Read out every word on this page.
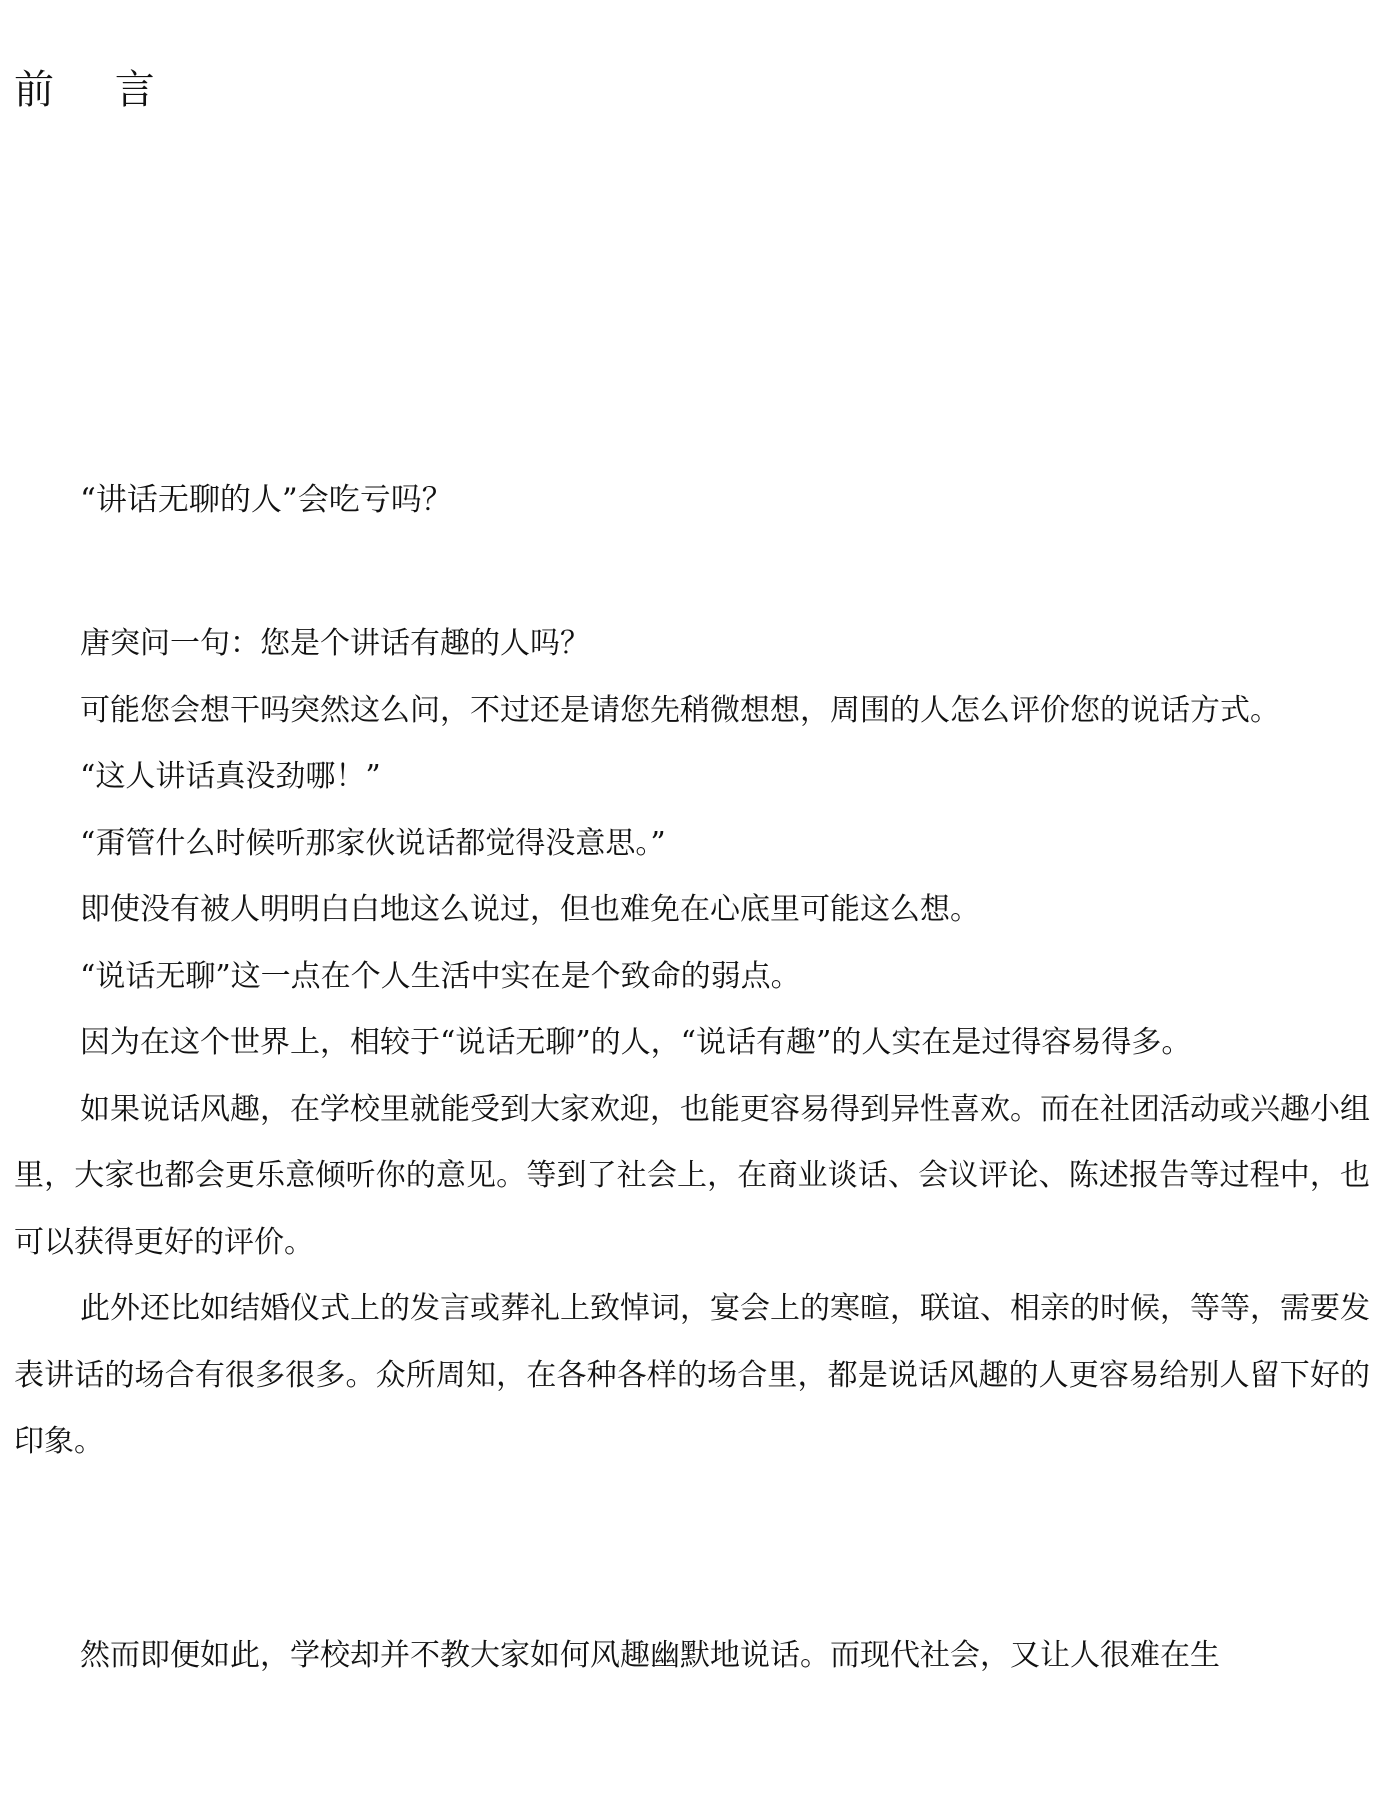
前 言
“讲话无聊的人”会吃亏吗？

唐突问一句：您是个讲话有趣的人吗？

可能您会想干吗突然这么问，不过还是请您先稍微想想，周围的人怎么评价您的说话方式。

“这人讲话真没劲哪！”

“甭管什么时候听那家伙说话都觉得没意思。”

即使没有被人明明白白地这么说过，但也难免在心底里可能这么想。

“说话无聊”这一点在个人生活中实在是个致命的弱点。

因为在这个世界上，相较于“说话无聊”的人，“说话有趣”的人实在是过得容易得多。

如果说话风趣，在学校里就能受到大家欢迎，也能更容易得到异性喜欢。而在社团活动或兴趣小组里，大家也都会更乐意倾听你的意见。等到了社会上，在商业谈话、会议评论、陈述报告等过程中，也可以获得更好的评价。

此外还比如结婚仪式上的发言或葬礼上致悼词，宴会上的寒暄，联谊、相亲的时候，等等，需要发表讲话的场合有很多很多。众所周知，在各种各样的场合里，都是说话风趣的人更容易给别人留下好的印象。

然而即便如此，学校却并不教大家如何风趣幽默地说话。而现代社会，又让人很难在生
